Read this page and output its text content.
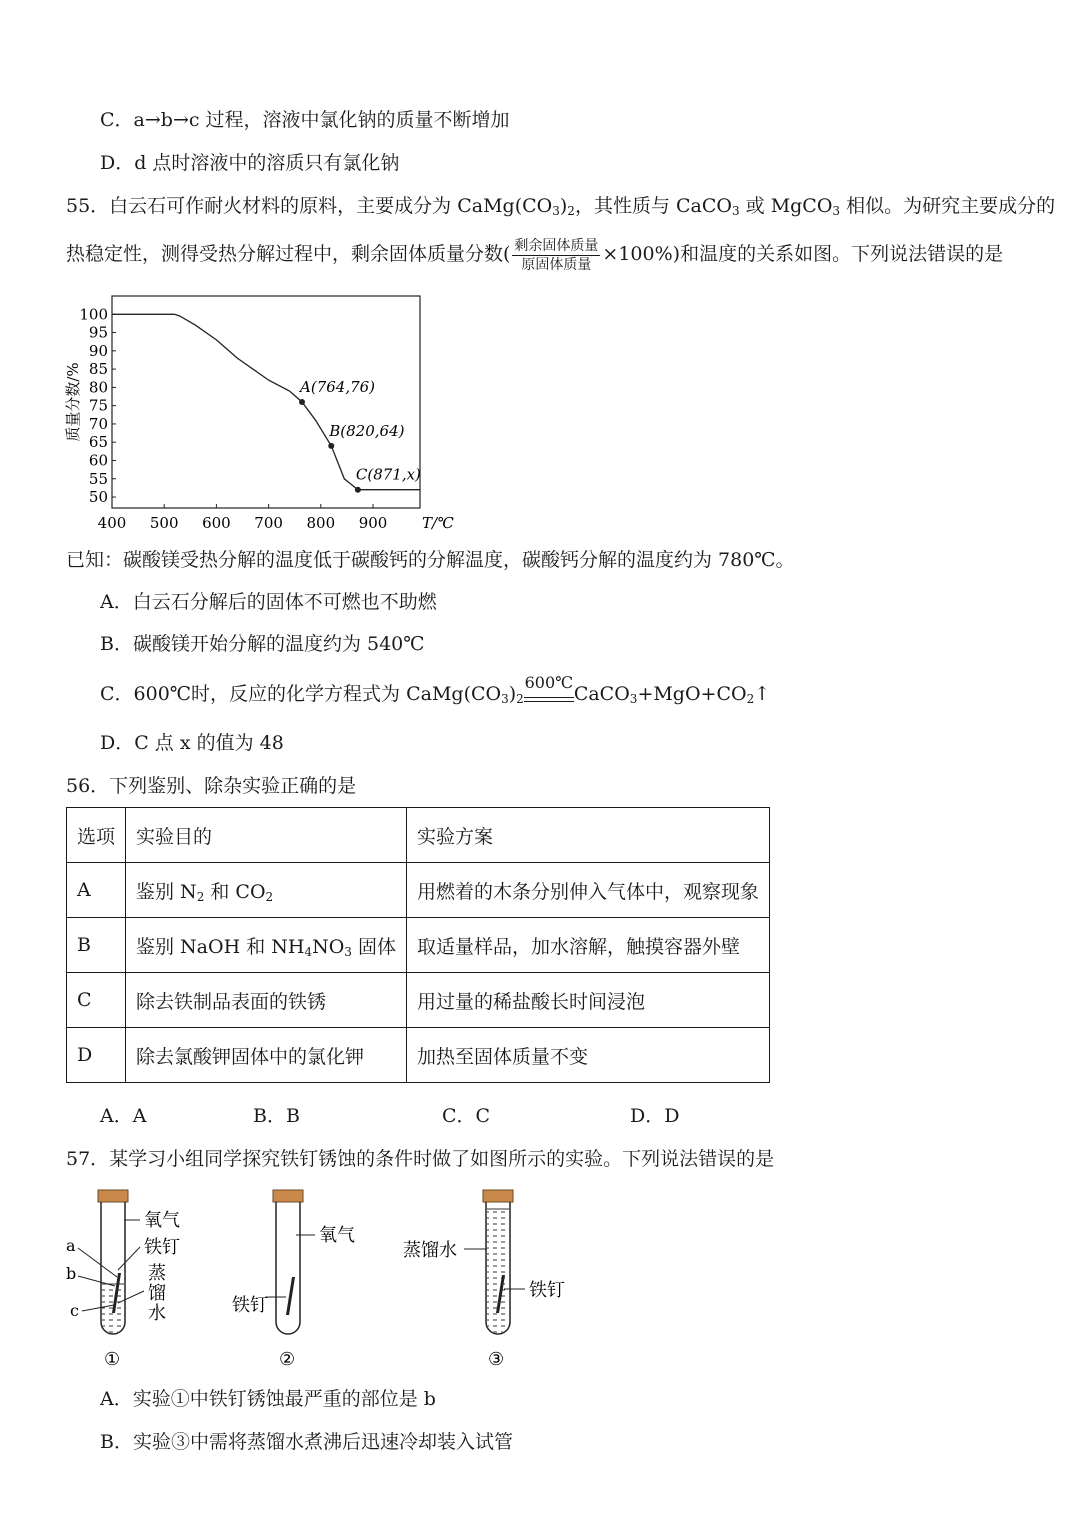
C．a→b→c 过程，溶液中氯化钠的质量不断增加
D．d 点时溶液中的溶质只有氯化钠
55．白云石可作耐火材料的原料，主要成分为 $CaMg(CO_3)_2$，其性质与 CaCO$_3$ 或 MgCO$_3$ 相似。为研究主要成分的
热稳定性，测得受热分解过程中，剩余固体质量分数( $\frac{\text{剩余固体质量}}{\text{原固体质量}} \times 100\%$)和温度的关系如图。下列说法错误的是
100
95
90
85
80
75
70
65
60
55
50
400 500 600 700 800 900 T/℃
质量分数/%	A(764,76)
B(820,64)
C(871,x)
已知：碳酸镁受热分解的温度低于碳酸钙的分解温度，碳酸钙分解的温度约为 780℃。
A．白云石分解后的固体不可燃也不助燃
B．碳酸镁开始分解的温度约为 540℃
C．600℃时，反应的化学方程式为 $CaMg(CO_3)_2$
600℃
$CaCO_3+MgO+CO_2↑$
D．C 点 x 的值为 48
56．下列鉴别、除杂实验正确的是
选项	实验目的	实验方案
A	鉴别 $N_2$ 和 $CO_2$	用燃着的木条分别伸入气体中，观察现象
B	鉴别 NaOH 和 $NH_4NO_3$ 固体	取适量样品，加水溶解，触摸容器外壁
C	除去铁制品表面的铁锈	用过量的稀盐酸长时间浸泡
D	除去氯酸钾固体中的氯化钾	加热至固体质量不变
A．A	B．B	C．C	D．D
57．某学习小组同学探究铁钉锈蚀的条件时做了如图所示的实验。下列说法错误的是
氧气
铁钉
蒸
馏
水
a
b
c
①
氧气
铁钉
②
蒸馏水
铁钉
③
A．实验①中铁钉锈蚀最严重的部位是 b
B．实验③中需将蒸馏水煮沸后迅速冷却装入试管
